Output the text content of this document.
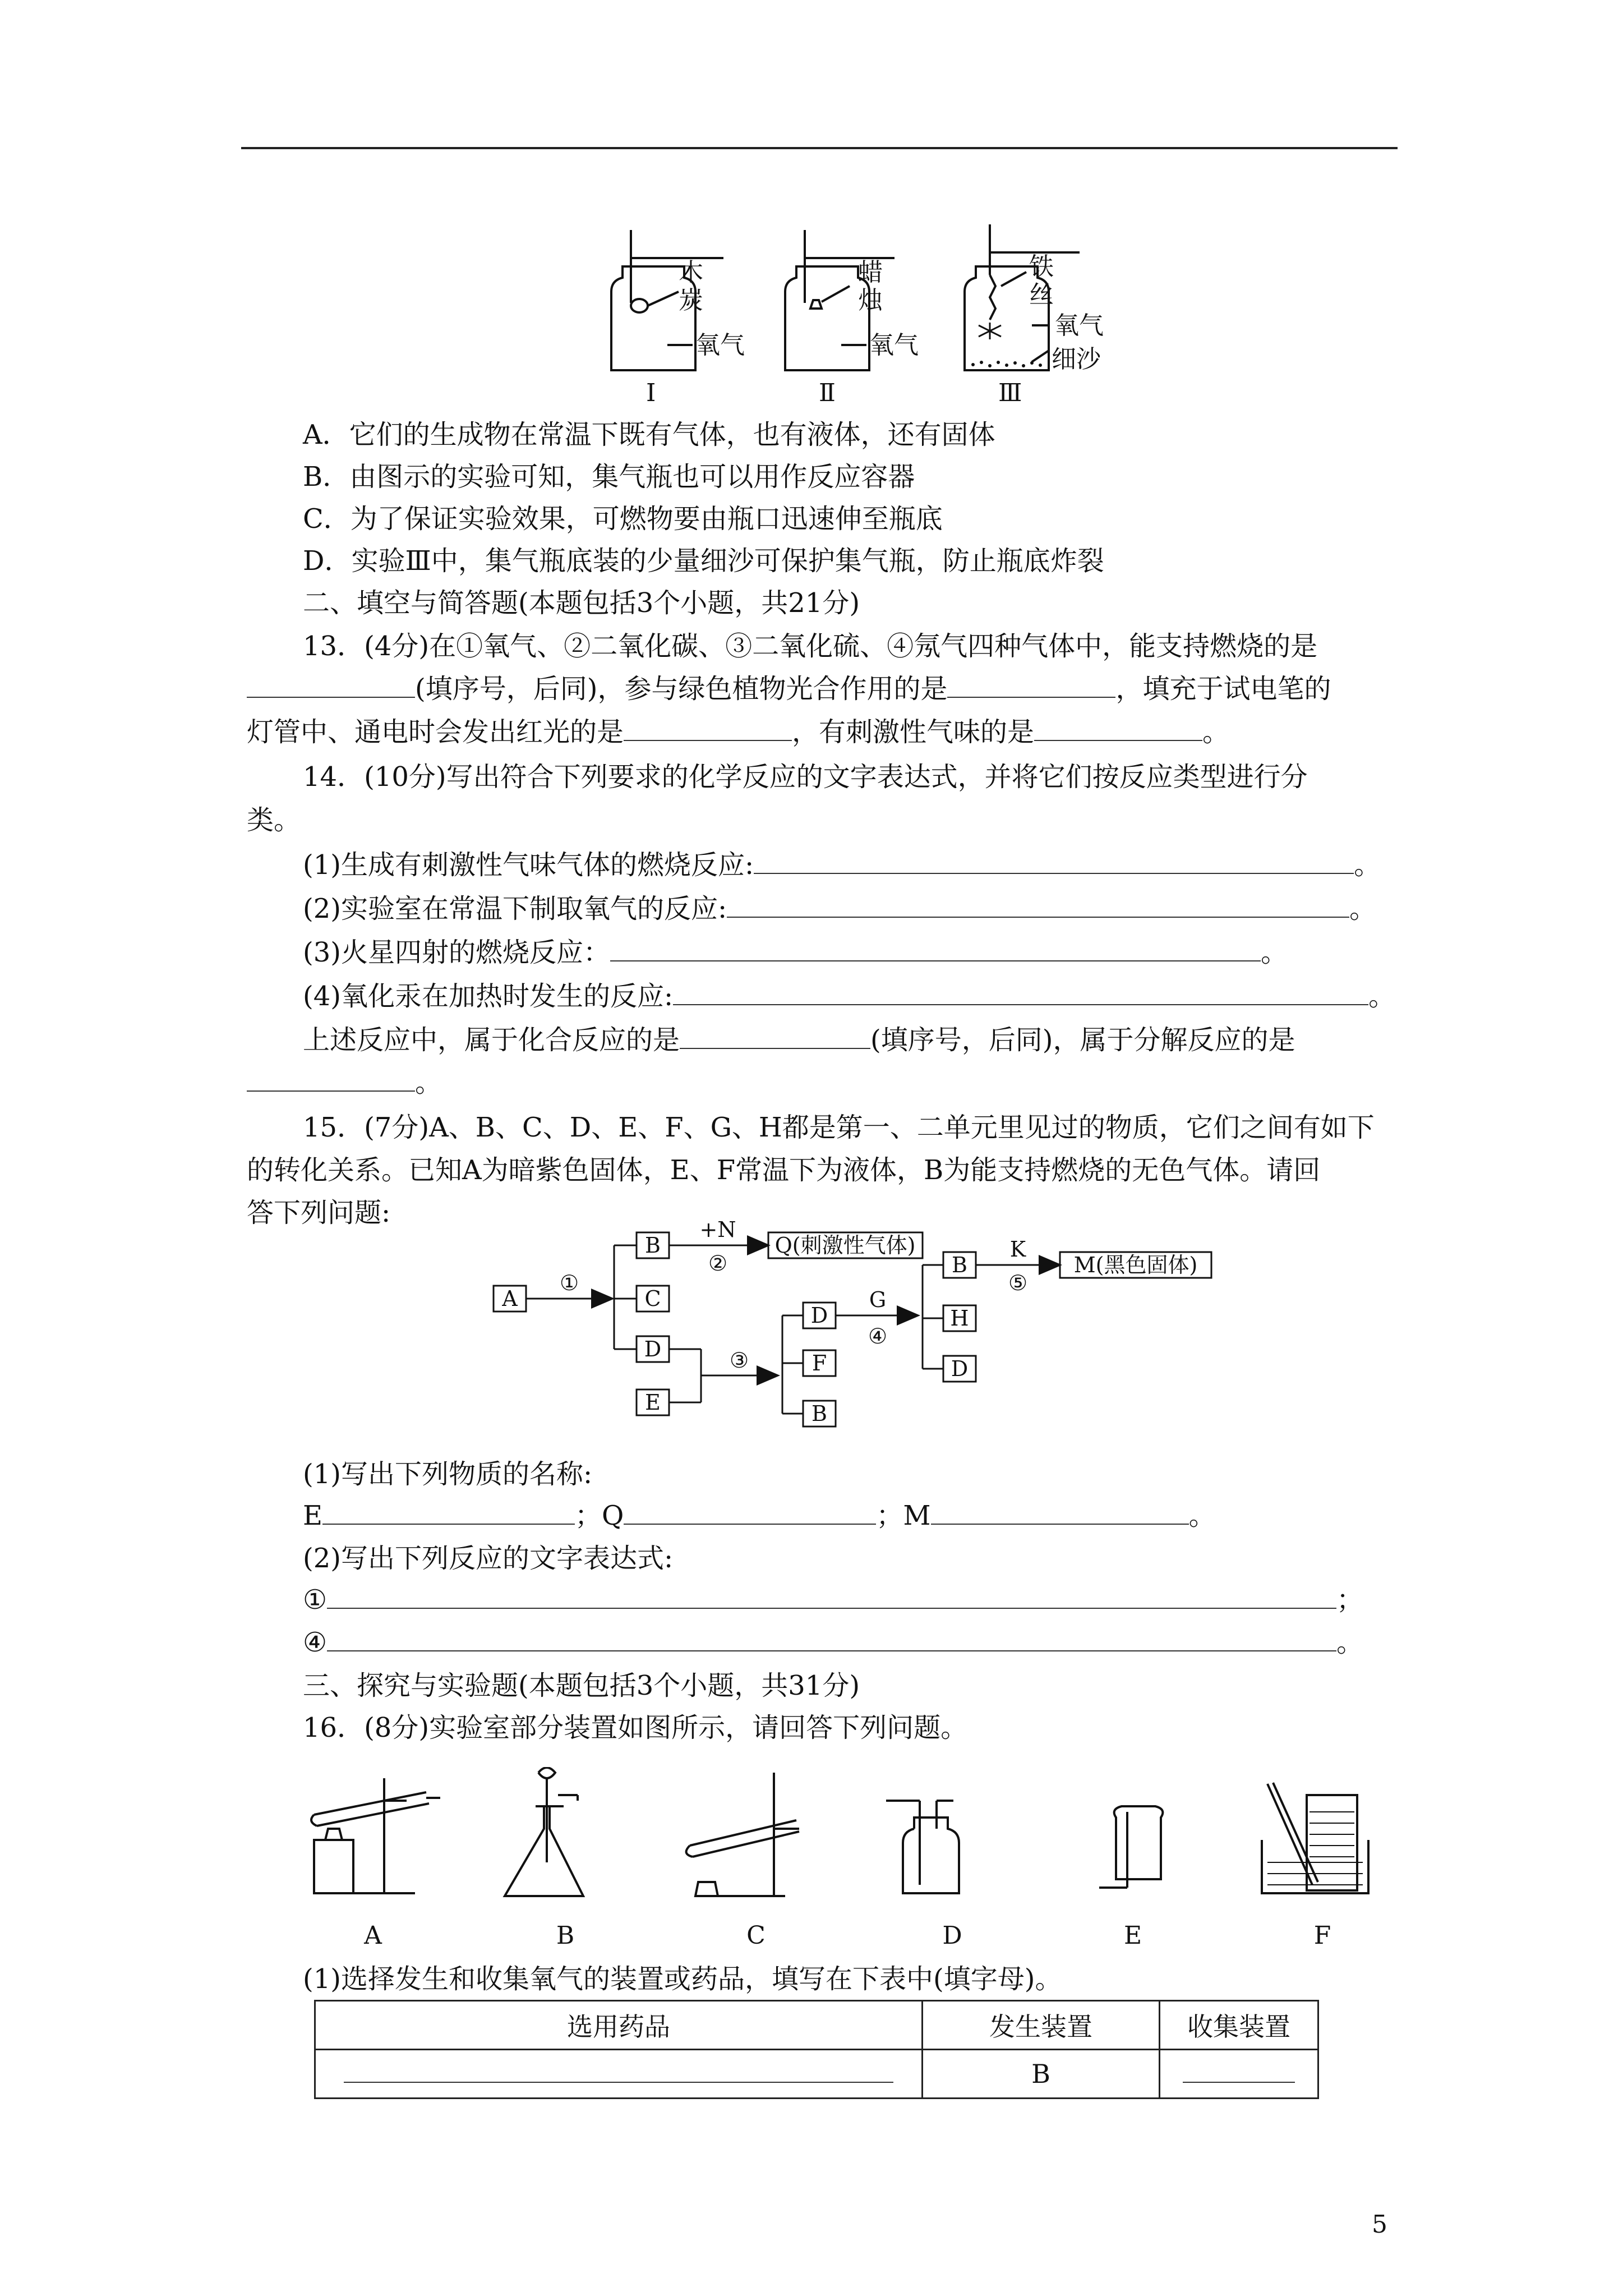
木
炭
氧气
Ⅰ
蜡
烛
氧气
Ⅱ
铁
丝
氧气
细沙
Ⅲ
A．它们的生成物在常温下既有气体，也有液体，还有固体
B．由图示的实验可知，集气瓶也可以用作反应容器
C．为了保证实验效果，可燃物要由瓶口迅速伸至瓶底
D．实验Ⅲ中，集气瓶底装的少量细沙可保护集气瓶，防止瓶底炸裂
二、填空与简答题(本题包括3个小题，共21分)
13．(4分)在①氧气、②二氧化碳、③二氧化硫、④氖气四种气体中，能支持燃烧的是
(填序号，后同)，参与绿色植物光合作用的是	，填充于试电笔的
灯管中、通电时会发出红光的是	，有刺激性气味的是	。
14．(10分)写出符合下列要求的化学反应的文字表达式，并将它们按反应类型进行分
类。
(1)生成有刺激性气味气体的燃烧反应:	。
(2)实验室在常温下制取氧气的反应:	。
(3)火星四射的燃烧反应：	。
(4)氧化汞在加热时发生的反应:	。
上述反应中，属于化合反应的是	(填序号，后同)，属于分解反应的是
。
15．(7分)A、B、C、D、E、F、G、H都是第一、二单元里见过的物质，它们之间有如下
的转化关系。已知A为暗紫色固体，E、F常温下为液体，B为能支持燃烧的无色气体。请回
答下列问题:
A
B
C
D
E
Q(刺激性气体)
D
F
B
B
H
D
M(黑色固体)
①
+N
②
③
G
④
K
⑤
(1)写出下列物质的名称:
E	；Q	；M	。
(2)写出下列反应的文字表达式:
①	；
④	。
三、探究与实验题(本题包括3个小题，共31分)
16．(8分)实验室部分装置如图所示，请回答下列问题。
A	B	C	D	E	F
(1)选择发生和收集氧气的装置或药品，填写在下表中(填字母)。
选用药品	发生装置	收集装置
	B	
5
